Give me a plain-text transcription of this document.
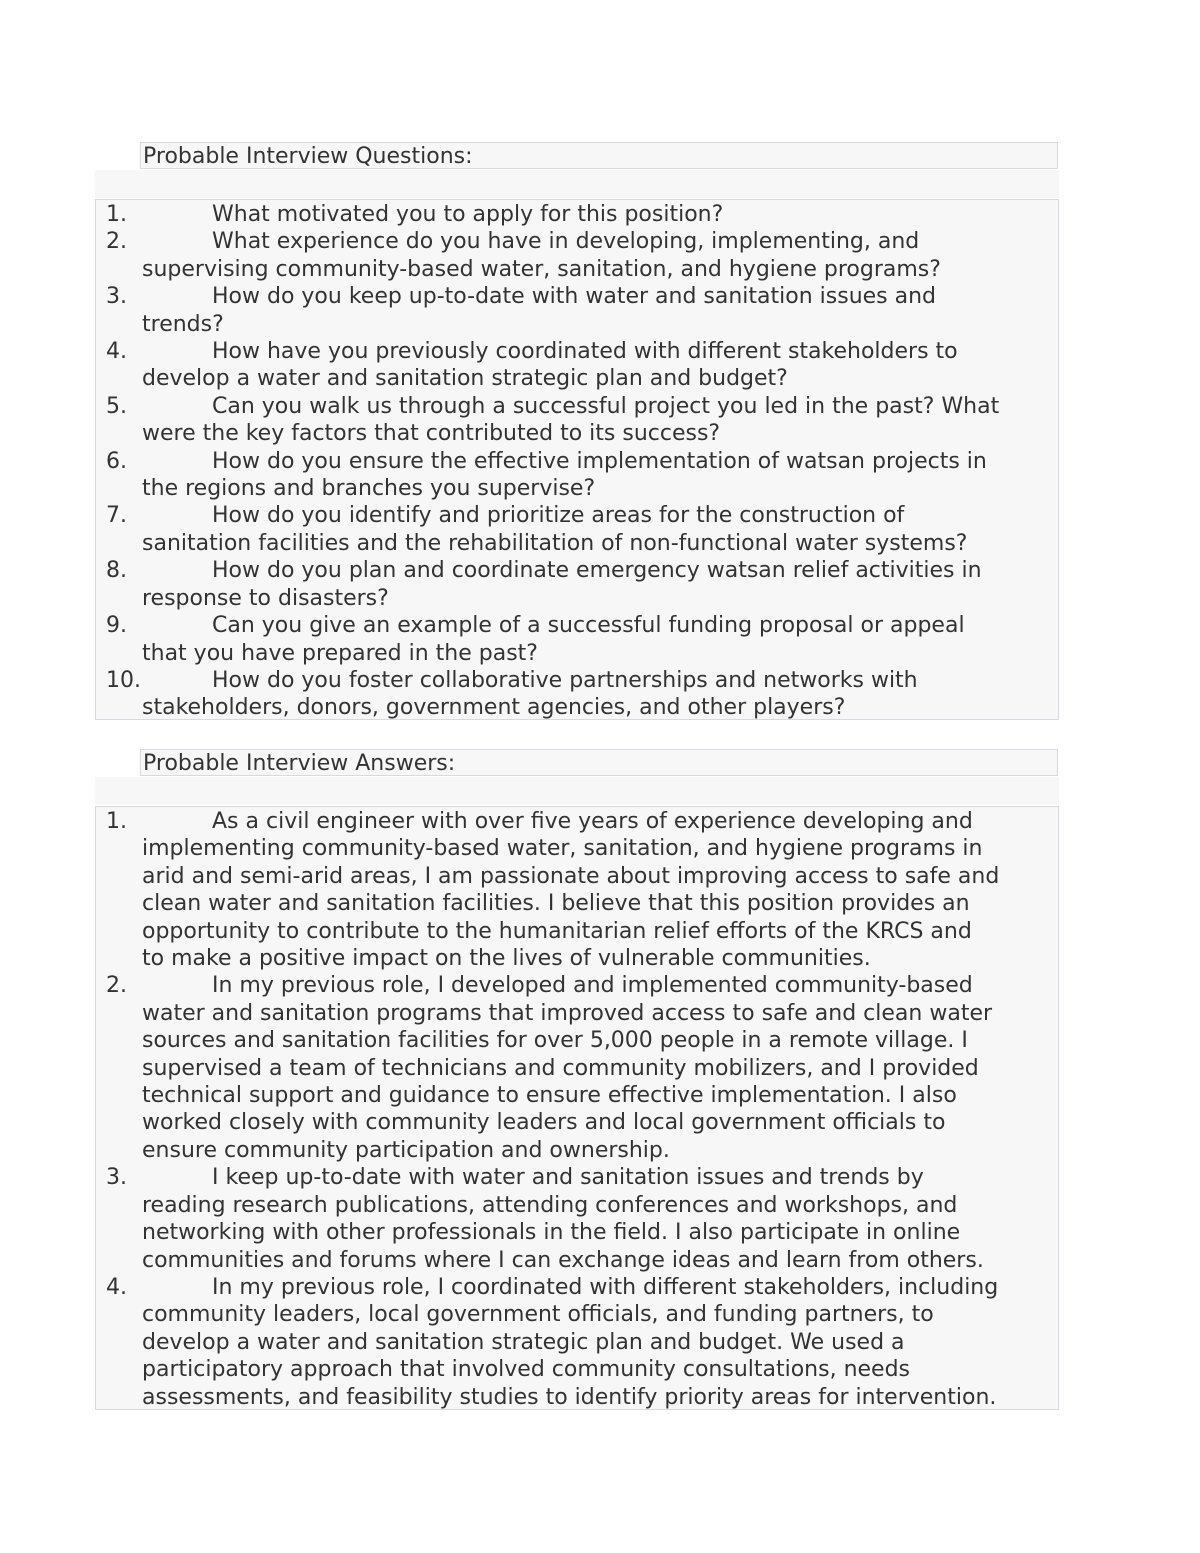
Probable Interview Questions:
1.	What motivated you to apply for this position?
2.	What experience do you have in developing, implementing, and
supervising community-based water, sanitation, and hygiene programs?
3.	How do you keep up-to-date with water and sanitation issues and
trends?
4.	How have you previously coordinated with different stakeholders to
develop a water and sanitation strategic plan and budget?
5.	Can you walk us through a successful project you led in the past? What
were the key factors that contributed to its success?
6.	How do you ensure the effective implementation of watsan projects in
the regions and branches you supervise?
7.	How do you identify and prioritize areas for the construction of
sanitation facilities and the rehabilitation of non-functional water systems?
8.	How do you plan and coordinate emergency watsan relief activities in
response to disasters?
9.	Can you give an example of a successful funding proposal or appeal
that you have prepared in the past?
10.	How do you foster collaborative partnerships and networks with
stakeholders, donors, government agencies, and other players?
Probable Interview Answers:
1.	As a civil engineer with over five years of experience developing and
implementing community-based water, sanitation, and hygiene programs in
arid and semi-arid areas, I am passionate about improving access to safe and
clean water and sanitation facilities. I believe that this position provides an
opportunity to contribute to the humanitarian relief efforts of the KRCS and
to make a positive impact on the lives of vulnerable communities.
2.	In my previous role, I developed and implemented community-based
water and sanitation programs that improved access to safe and clean water
sources and sanitation facilities for over 5,000 people in a remote village. I
supervised a team of technicians and community mobilizers, and I provided
technical support and guidance to ensure effective implementation. I also
worked closely with community leaders and local government officials to
ensure community participation and ownership.
3.	I keep up-to-date with water and sanitation issues and trends by
reading research publications, attending conferences and workshops, and
networking with other professionals in the field. I also participate in online
communities and forums where I can exchange ideas and learn from others.
4.	In my previous role, I coordinated with different stakeholders, including
community leaders, local government officials, and funding partners, to
develop a water and sanitation strategic plan and budget. We used a
participatory approach that involved community consultations, needs
assessments, and feasibility studies to identify priority areas for intervention.
